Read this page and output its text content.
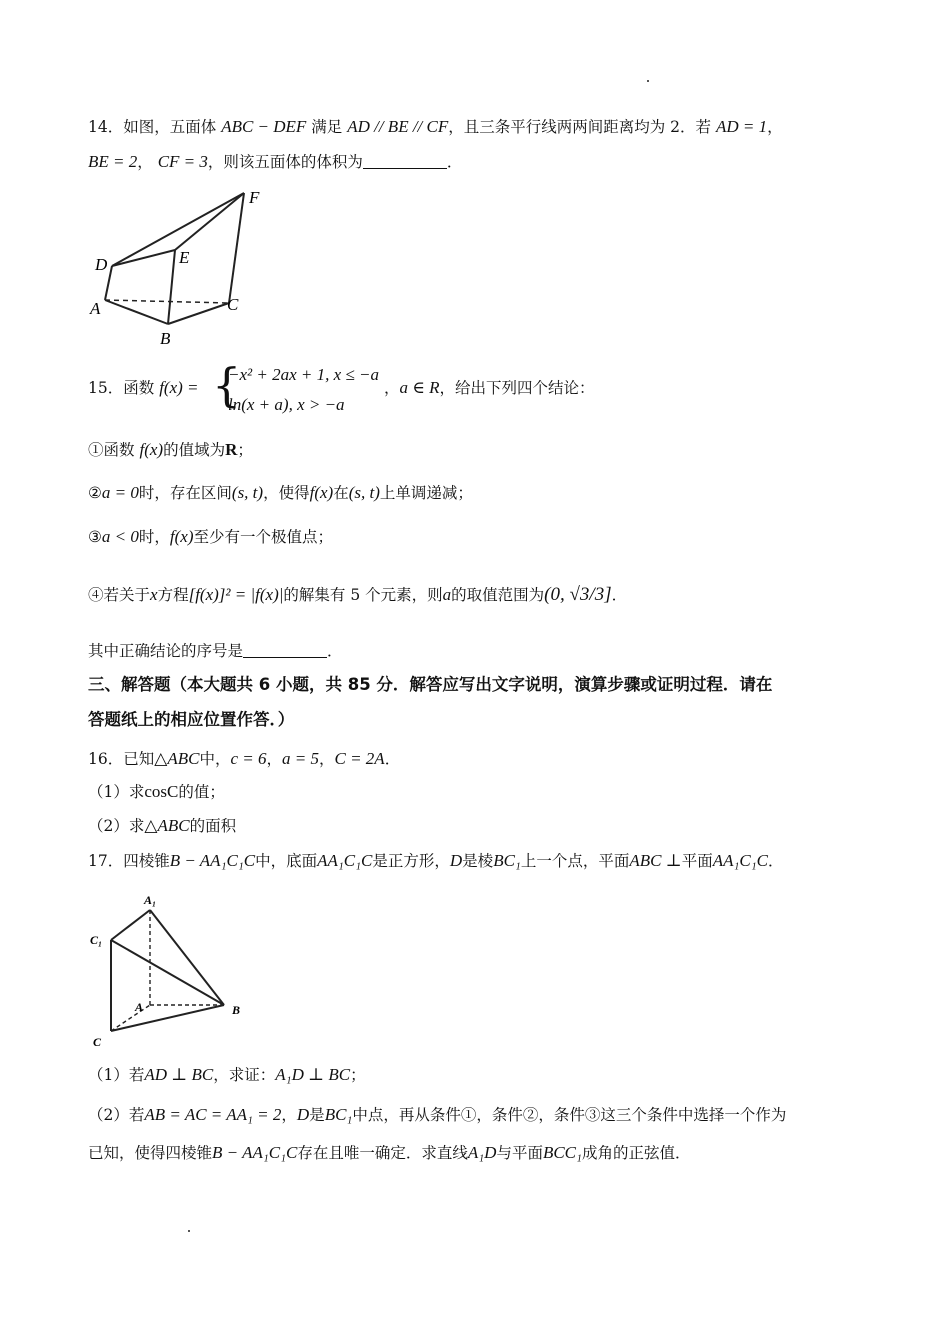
14．如图，五面体 ABC − DEF 满足 AD // BE // CF，且三条平行线两两间距离均为 2．若 AD = 1，
BE = 2， CF = 3，则该五面体的体积为	．
F
D	E
A	C
B
15．函数 f(x) = {
−x² + 2ax + 1, x ≤ −a
ln(x + a), x > −a
，a ∈ R，给出下列四个结论：
①函数 f(x)的值域为R；
②a = 0时，存在区间(s, t)，使得f(x)在(s, t)上单调递减；
③a < 0时，f(x)至少有一个极值点；
④若关于x方程[f(x)]² = |f(x)|的解集有 5 个元素，则a的取值范围为(0, √3/3]．
其中正确结论的序号是	．
三、解答题（本大题共 6 小题，共 85 分．解答应写出文字说明，演算步骤或证明过程．请在
答题纸上的相应位置作答．）
16．已知△ABC中，c = 6，a = 5，C = 2A．
（1）求cosC的值；
（2）求△ABC的面积
17．四棱锥B − AA₁C₁C中，底面AA₁C₁C是正方形，D是棱BC₁上一个点，平面ABC ⊥平面AA₁C₁C．
A₁
C₁
A	B
C
（1）若AD ⊥ BC，求证：A₁D ⊥ BC；
（2）若AB = AC = AA₁ = 2，D是BC₁中点，再从条件①，条件②，条件③这三个条件中选择一个作为
已知，使得四棱锥B − AA₁C₁C存在且唯一确定．求直线A₁D与平面BCC₁成角的正弦值．
